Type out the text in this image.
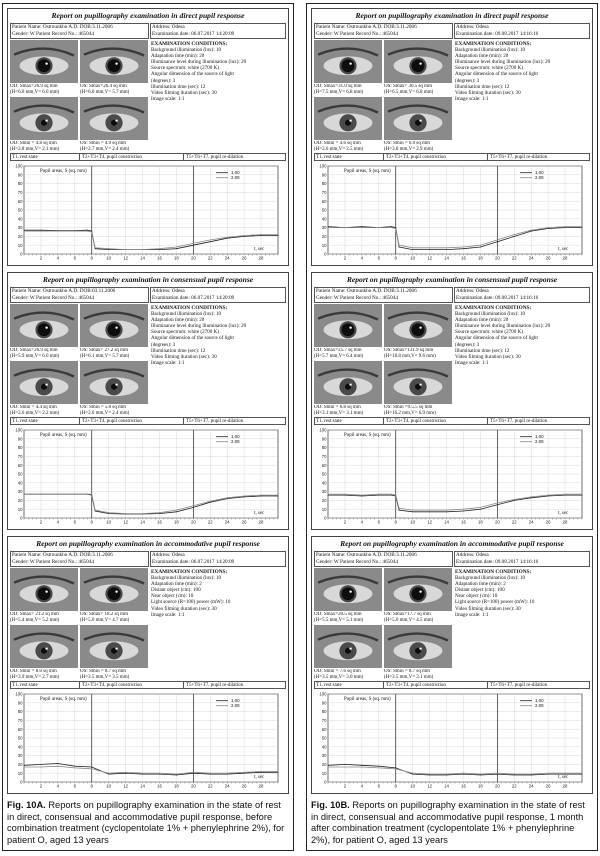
Report on pupillography examination in direct pupil response
Patient Name: Ostrounkho A.D. DOB:3.11.2006
Gender: W Patient Record No.: 465044
Address: Odesa
Examination date: 06.07.2017 14:20:09
OD: Smax=26.9 sq mm
(H=6.0 mm,V= 6.0 mm)
OS: Smax=26.4 sq mm
(H=6.0 mm,V= 5.7 mm)
OD: Smin = 4.8 sq mm
(H=2.8 mm,V= 2.1 mm)
OS: Smin = 4.9 sq mm
(H=2.7 mm,V= 2.4 mm)
EXAMINATION CONDITIONS:
Background illumination (lux): 10
Adaptation time (min): 20
Illuminance level during illumination (lux): 20
Source spectrum: white (2700 K)
Angular dimension of the source of light
(degrees): 3
Illumination time (sec): 12
Video filming duration (sec): 30
Image scale: 1:1
T1. rest state	T2+T3+T4. pupil constriction	T5+T6+T7. pupil re-dilation
0
10
20
30
40
50
60
70
80
90
100
2	4	6	8	10	12	14	16	18	20	22	24	26	28
Pupil areas, S (sq. mm)
t, sec
1.00
2.08
Report on pupillography examination in consensual pupil response
Patient Name: Ostrounkho A.D. DOB:03.11.2006
Gender: W Patient Record No.: 465044
Address: Odesa
Examination date: 06.07.2017 14:20:09
OD: Smax=26.9 sq mm
(H=5.9 mm,V= 6.0 mm)
OS: Smax= 27.2 sq mm
(H=6.1 mm,V= 5.7 mm)
OD: Smin = 4.4 sq mm
(H=2.6 mm,V= 2.2 mm)
OS: Smin = 5.0 sq mm
(H=2.6 mm,V= 2.4 mm)
EXAMINATION CONDITIONS:
Background illumination (lux): 10
Adaptation time (min): 20
Illuminance level during illumination (lux): 20
Source spectrum: white (2700 K)
Angular dimension of the source of light
(degrees): 3
Illumination time (sec): 12
Video filming duration (sec): 30
Image scale: 1:1
T1. rest state	T2+T3+T4. pupil constriction	T5+T6+T7. pupil re-dilation
0
10
20
30
40
50
60
70
80
90
100
2	4	6	8	10	12	14	16	18	20	22	24	26	28
Pupil areas, S (sq. mm)
t, sec
1.00
2.08
Report on pupillography examination in accommodative pupil response
Patient Name: Ostrounkho A.D. DOB:3.11.2006
Gender: W Patient Record No.: 465044
Address: Odesa
Examination date: 06.07.2017 14:20:09
OD: Smax= 21.2 sq mm
(H=5.4 mm,V= 5.2 mm)
OS: Smax= 18.2 sq mm
(H=5.0 mm,V= 4.7 mm)
OD: Smin = 8.0 sq mm
(H=3.9 mm,V= 2.7 mm)
OS: Smin = 8.7 sq mm
(H=3.5 mm,V= 3.5 mm)
EXAMINATION CONDITIONS:
Background illumination (lux): 10
Adaptation time (min): 2
Distant object (cm): 100
Near object (cm): 10
Light source (R=100) power (mW): 10
Video filming duration (sec): 30
Image scale: 1:1
T1. rest state	T2+T3+T4. pupil constriction	T5+T6+T7. pupil re-dilation
0
10
20
30
40
50
60
70
80
90
100
2	4	6	8	10	12	14	16	18	20	22	24	26	28
Pupil areas, S (sq. mm)
t, sec
1.00
2.08
Fig. 10A. Reports on pupillography examination in the state of rest in direct, consensual and accommodative pupil response, before combination treatment (cyclopentolate 1% + phenylephrine 2%), for patient O, aged 13 years
Report on pupillography examination in direct pupil response
Patient Name: Ostrounkho A.D. DOB:3.11.2006
Gender: W Patient Record No.: 465044
Address: Odesa
Examination date: 09.08.2017 14:16:16
OD: Smax=31.0 sq mm
(H=7.5 mm,V= 6.8 mm)
OS: Smax= 30.5 sq mm
(H=6.5 mm,V= 6.8 mm)
OD: Smin = 4.6 sq mm
(H=2.6 mm,V= 2.5 mm)
OS: Smin = 6.9 sq mm
(H=3.0 mm,V= 2.9 mm)
EXAMINATION CONDITIONS:
Background illumination (lux): 10
Adaptation time (min): 20
Illuminance level during illumination (lux): 20
Source spectrum: white (2700 K)
Angular dimension of the source of light
(degrees): 3
Illumination time (sec): 12
Video filming duration (sec): 30
Image scale: 1:1
T1. rest state	T2+T3+T4. pupil constriction	T5+T6+T7. pupil re-dilation
0
10
20
30
40
50
60
70
80
90
100
2	4	6	8	10	12	14	16	18	20	22	24	26	28
Pupil areas, S (sq. mm)
t, sec
1.00
2.08
Report on pupillography examination in consensual pupil response
Patient Name: Ostrounkho A.D. DOB:3.11.2006
Gender: W Patient Record No.: 465044
Address: Odesa
Examination date: 09.08.2017 14:16:16
OD: Smax=25.7 sq mm
(H=5.7 mm,V= 6.4 mm)
OS: Smax=131.9 sq mm
(H=18.8 mm,V= 9.6 mm)
OD: Smin = 6.8 sq mm
(H=3.1 mm,V= 3.1 mm)
OS: Smin =9.5.5 sq mm
(H=16.2 mm,V= 6.9 mm)
EXAMINATION CONDITIONS:
Background illumination (lux): 10
Adaptation time (min): 20
Illuminance level during illumination (lux): 20
Source spectrum: white (2700 K)
Angular dimension of the source of light
(degrees): 3
Illumination time (sec): 12
Video filming duration (sec): 30
Image scale: 1:1
T1. rest state	T2+T3+T4. pupil constriction	T5+T6+T7. pupil re-dilation
0
10
20
30
40
50
60
70
80
90
100
2	4	6	8	10	12	14	16	18	20	22	24	26	28
Pupil areas, S (sq. mm)
t, sec
1.00
2.08
Report on pupillography examination in accommodative pupil response
Patient Name: Ostrounkho A.D. DOB:3.11.2006
Gender: W Patient Record No.: 465044
Address: Odesa
Examination date: 09.08.2017 14:16:16
OD: Smax=20.5 sq mm
(H=5.5 mm,V= 5.1 mm)
OS: Smax=17.7 sq mm
(H=5.0 mm,V= 4.5 mm)
OD: Smin = 7.6 sq mm
(H=3.5 mm,V= 3.0 mm)
OS: Smin = 8.7 sq mm
(H=3.5 mm,V= 3.1 mm)
EXAMINATION CONDITIONS:
Background illumination (lux): 10
Adaptation time (min): 2
Distant object (cm): 100
Near object (cm): 10
Light source (R=100) power (mW): 10
Video filming duration (sec): 30
Image scale: 1:1
T1. rest state	T2+T3+T4. pupil constriction	T5+T6+T7. pupil re-dilation
0
10
20
30
40
50
60
70
80
90
100
2	4	6	8	10	12	14	16	18	20	22	24	26	28
Pupil areas, S (sq. mm)
t, sec
1.00
2.08
Fig. 10B. Reports on pupillography examination in the state of rest in direct, consensual and accommodative pupil response, 1 month after combination treatment (cyclopentolate 1% + phenylephrine 2%), for patient O, aged 13 years
